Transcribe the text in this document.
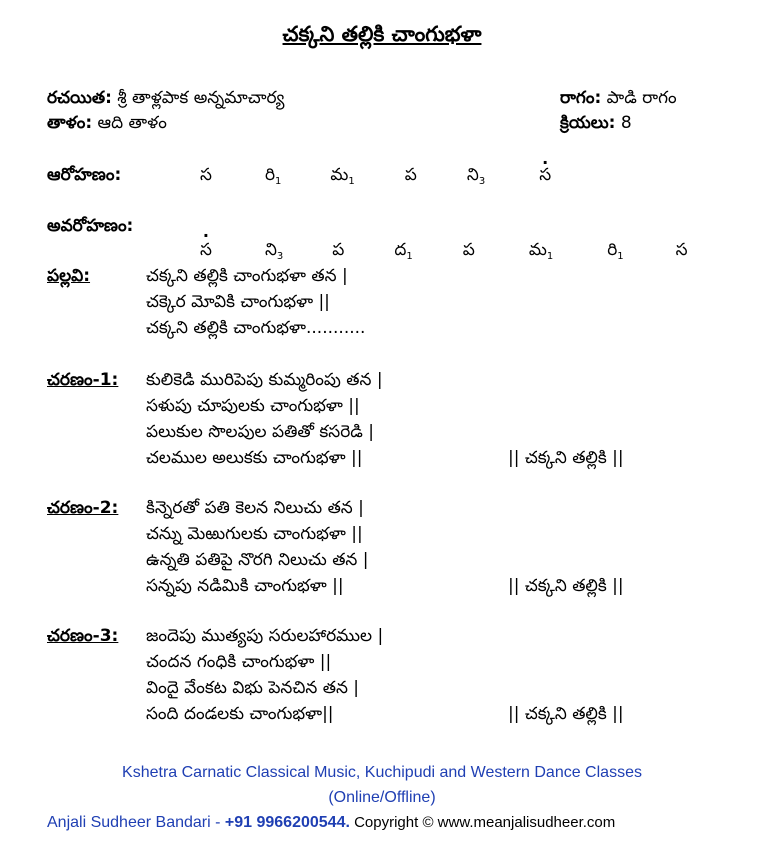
చక్కని తల్లికి చాంగుభళా
రచయిత: శ్రీ తాళ్లపాక అన్నమాచార్య	రాగం: పాడి రాగం
తాళం: ఆది తాళం	క్రియలు: 8
ఆరోహణం:	స	$రి_1$	మ$_1$	ప	$ని_3$.	స
అవరోహణం:
. స	$ని_3$	ప	ద$_1$	ప	మ$_1$	$రి_1$	స
పల్లవి:	చక్కని తల్లికి చాంగుభళా తన |
చక్కెర మోవికి చాంగుభళా ||
చక్కని తల్లికి చాంగుభళా...........
చరణం-1: కులికెడి మురిపెపు కుమ్మరింపు తన |
సళుపు చూపులకు చాంగుభళా ||
పలుకుల సొలపుల పతితో కసరెడి |
చలముల అలుకకు చాంగుభళా ||	|| చక్కని తల్లికి ||
చరణం-2: కిన్నెరతో పతి కెలన నిలుచు తన |
చన్ను మెఱుగులకు చాంగుభళా ||
ఉన్నతి పతిపై నొరగి నిలుచు తన |
సన్నపు నడిమికి చాంగుభళా ||	|| చక్కని తల్లికి ||
చరణం-3: జందెపు ముత్యపు సరులహారముల |
చందన గంధికి చాంగుభళా ||
విందై వేంకట విభు పెనచిన తన |
సంది దండలకు చాంగుభళా||	|| చక్కని తల్లికి ||
Kshetra Carnatic Classical Music, Kuchipudi and Western Dance Classes
(Online/Offline)
Anjali Sudheer Bandari - +91 9966200544. Copyright © www.meanjalisudheer.com
